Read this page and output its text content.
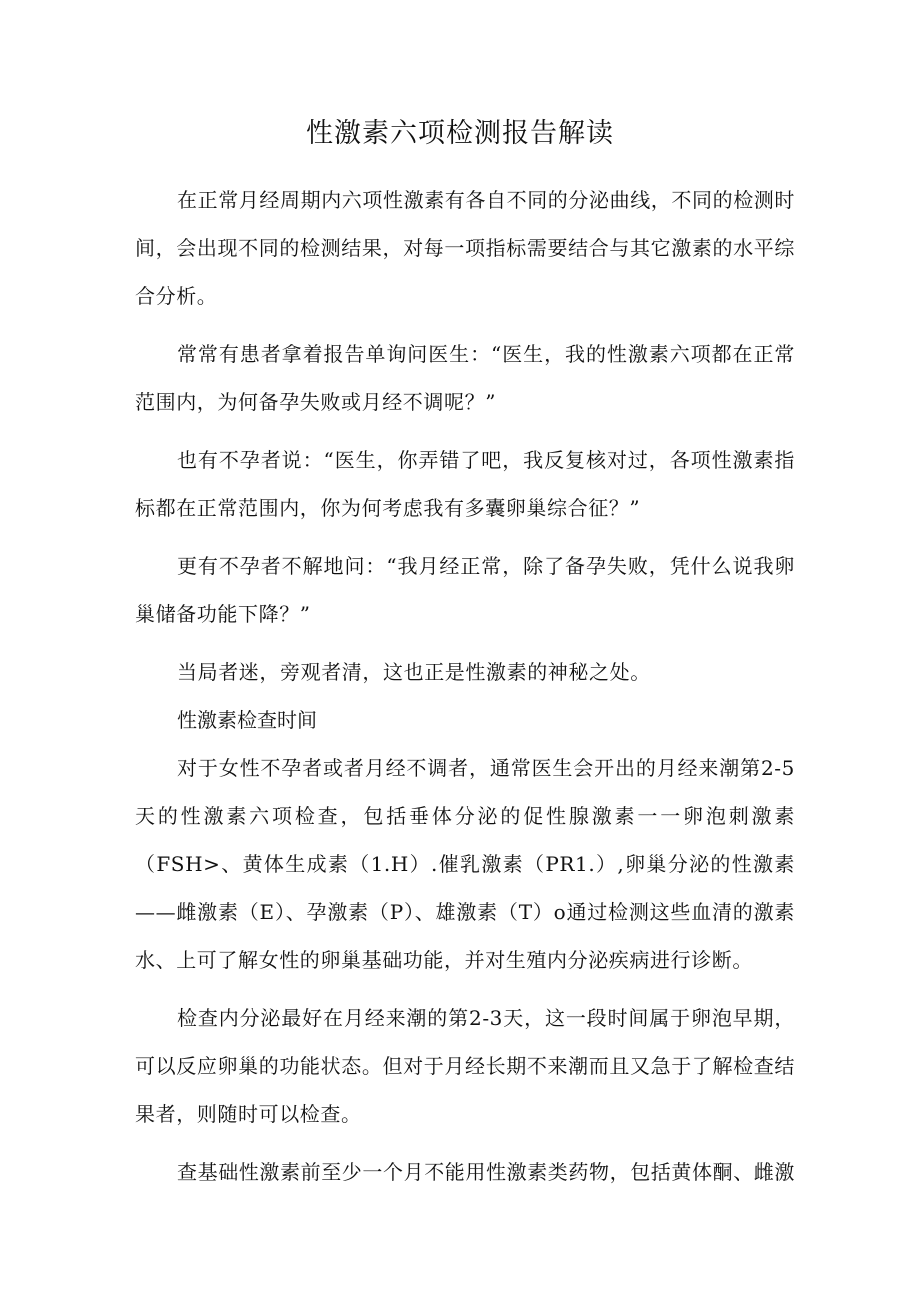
性激素六项检测报告解读

在正常月经周期内六项性激素有各自不同的分泌曲线，不同的检测时间，会出现不同的检测结果，对每一项指标需要结合与其它激素的水平综合分析。

常常有患者拿着报告单询问医生：“医生，我的性激素六项都在正常范围内，为何备孕失败或月经不调呢？”

也有不孕者说：“医生，你弄错了吧，我反复核对过，各项性激素指标都在正常范围内，你为何考虑我有多囊卵巢综合征？”

更有不孕者不解地问：“我月经正常，除了备孕失败，凭什么说我卵巢储备功能下降？”

当局者迷，旁观者清，这也正是性激素的神秘之处。

性激素检查时间

对于女性不孕者或者月经不调者，通常医生会开出的月经来潮第2-5天的性激素六项检查，包括垂体分泌的促性腺激素一一卵泡刺激素（FSH>、黄体生成素（1.H）.催乳激素（PR1.）,卵巢分泌的性激素——雌激素（E）、孕激素（P）、雄激素（T）o通过检测这些血清的激素水、上可了解女性的卵巢基础功能，并对生殖内分泌疾病进行诊断。

检查内分泌最好在月经来潮的第2-3天，这一段时间属于卵泡早期，可以反应卵巢的功能状态。但对于月经长期不来潮而且又急于了解检查结果者，则随时可以检查。

查基础性激素前至少一个月不能用性激素类药物，包括黄体酮、雌激
